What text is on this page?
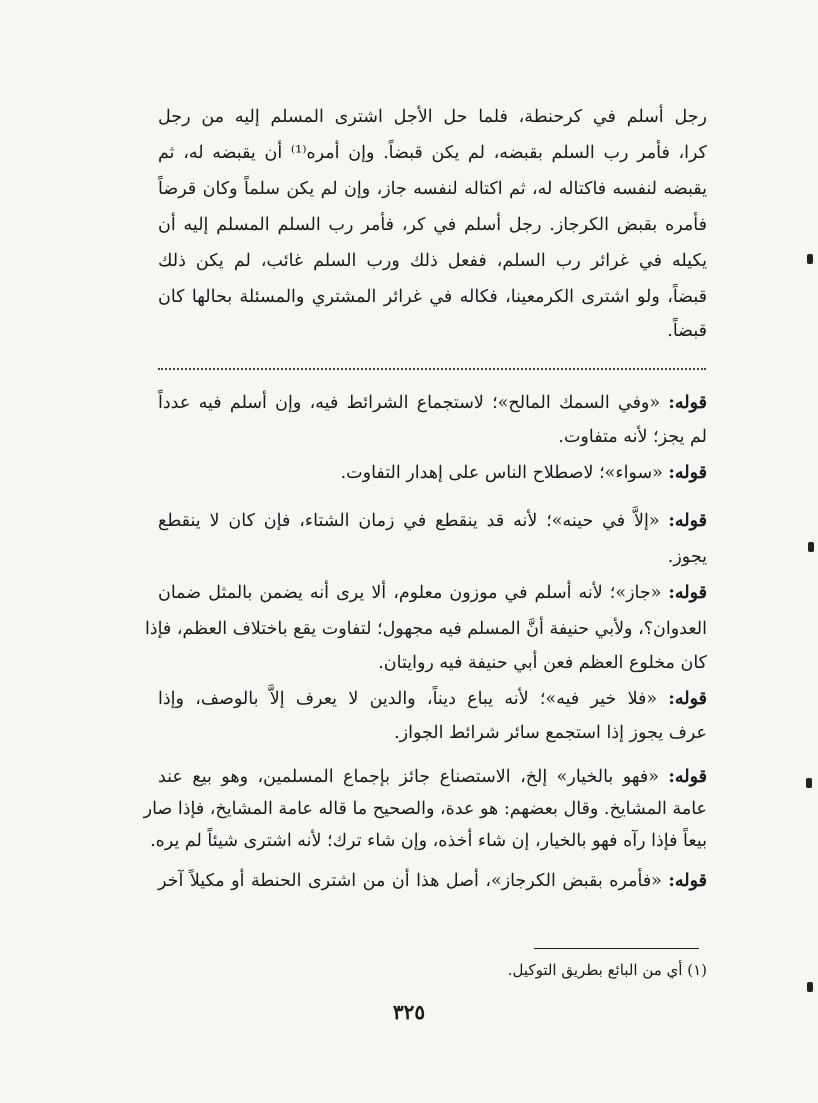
رجل أسلم في كرحنطة، فلما حل الأجل اشترى المسلم إليه من رجل
كرا، فأمر رب السلم بقبضه، لم يكن قبضاً. وإن أمره⁽¹⁾ أن يقبضه له، ثم
يقبضه لنفسه فاكتاله له، ثم اكتاله لنفسه جاز، وإن لم يكن سلماً وكان قرضاً
فأمره بقبض الكرجاز. رجل أسلم في كر، فأمر رب السلم المسلم إليه أن
يكيله في غرائر رب السلم، ففعل ذلك ورب السلم غائب، لم يكن ذلك
قبضاً، ولو اشترى الكرمعينا، فكاله في غرائر المشتري والمسئلة بحالها كان
قبضاً.
قوله: «وفي السمك المالح»؛ لاستجماع الشرائط فيه، وإن أسلم فيه عدداً
لم يجز؛ لأنه متفاوت.
قوله: «سواء»؛ لاصطلاح الناس على إهدار التفاوت.
قوله: «إلاَّ في حينه»؛ لأنه قد ينقطع في زمان الشتاء، فإن كان لا ينقطع
يجوز.
قوله: «جاز»؛ لأنه أسلم في موزون معلوم، ألا يرى أنه يضمن بالمثل ضمان
العدوان؟، ولأبي حنيفة أنَّ المسلم فيه مجهول؛ لتفاوت يقع باختلاف العظم، فإذا
كان مخلوع العظم فعن أبي حنيفة فيه روايتان.
قوله: «فلا خير فيه»؛ لأنه يباع ديناً، والدين لا يعرف إلاَّ بالوصف، وإذا
عرف يجوز إذا استجمع سائر شرائط الجواز.
قوله: «فهو بالخيار» إلخ، الاستصناع جائز بإجماع المسلمين، وهو بيع عند
عامة المشايخ. وقال بعضهم: هو عدة، والصحيح ما قاله عامة المشايخ، فإذا صار
بيعاً فإذا رآه فهو بالخيار، إن شاء أخذه، وإن شاء ترك؛ لأنه اشترى شيئاً لم يره.
قوله: «فأمره بقبض الكرجاز»، أصل هذا أن من اشترى الحنطة أو مكيلاً آخر
(١) أي من البائع بطريق التوكيل.
٣٢٥
